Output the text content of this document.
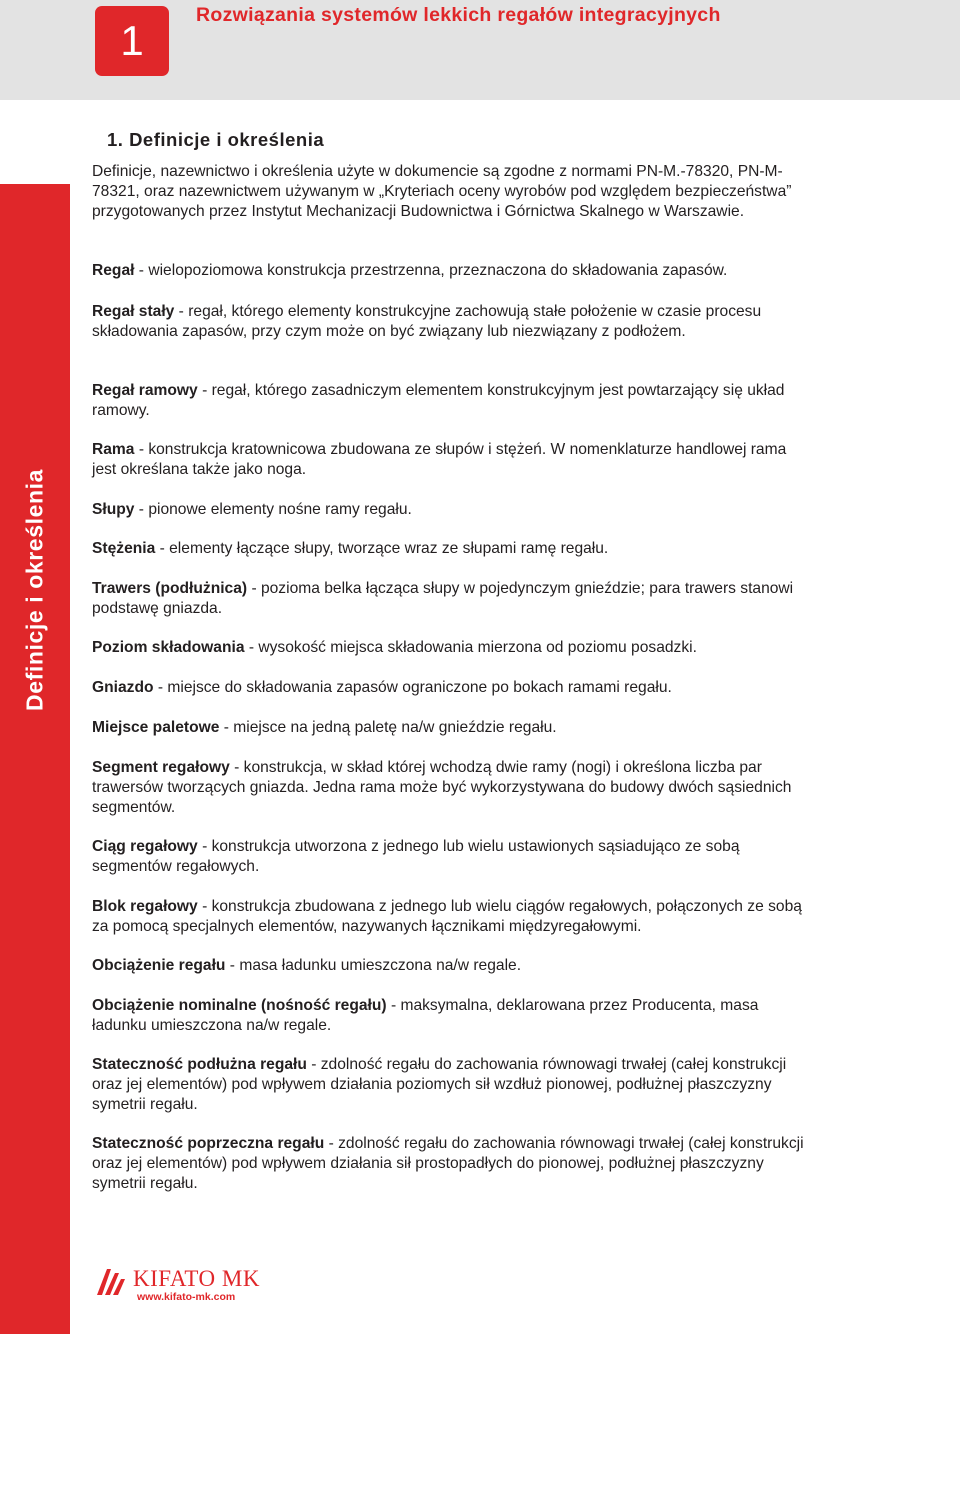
1
Rozwiązania systemów lekkich regałów integracyjnych
Definicje i określenia
4
1. Definicje i określenia

Definicje, nazewnictwo i określenia użyte w dokumencie są zgodne z normami PN-M.-78320, PN-M-78321, oraz nazewnictwem używanym w „Kryteriach oceny wyrobów pod względem bezpieczeństwa” przygotowanych przez Instytut Mechanizacji Budownictwa i Górnictwa Skalnego w Warszawie.

Regał - wielopoziomowa konstrukcja przestrzenna, przeznaczona do składowania zapasów.

Regał stały - regał, którego elementy konstrukcyjne zachowują stałe położenie w czasie procesu składowania zapasów, przy czym może on być związany lub niezwiązany z podłożem.

Regał ramowy - regał, którego zasadniczym elementem konstrukcyjnym jest powtarzający się układ ramowy.

Rama - konstrukcja kratownicowa zbudowana ze słupów i stężeń. W nomenklaturze handlowej rama jest określana także jako noga.

Słupy - pionowe elementy nośne ramy regału.

Stężenia - elementy łączące słupy, tworzące wraz ze słupami ramę regału.

Trawers (podłużnica) - pozioma belka łącząca słupy w pojedynczym gnieździe; para trawers stanowi podstawę gniazda.

Poziom składowania - wysokość miejsca składowania mierzona od poziomu posadzki.

Gniazdo - miejsce do składowania zapasów ograniczone po bokach ramami regału.

Miejsce paletowe - miejsce na jedną paletę na/w gnieździe regału.

Segment regałowy - konstrukcja, w skład której wchodzą dwie ramy (nogi) i określona liczba par trawersów tworzących gniazda. Jedna rama może być wykorzystywana do budowy dwóch sąsiednich segmentów.

Ciąg regałowy - konstrukcja utworzona z jednego lub wielu ustawionych sąsiadująco ze sobą segmentów regałowych.

Blok regałowy - konstrukcja zbudowana z jednego lub wielu ciągów regałowych, połączonych ze sobą za pomocą specjalnych elementów, nazywanych łącznikami międzyregałowymi.

Obciążenie regału - masa ładunku umieszczona na/w regale.

Obciążenie nominalne (nośność regału) - maksymalna, deklarowana przez Producenta, masa ładunku umieszczona na/w regale.

Stateczność podłużna regału - zdolność regału do zachowania równowagi trwałej (całej konstrukcji oraz jej elementów) pod wpływem działania poziomych sił wzdłuż pionowej, podłużnej płaszczyzny symetrii regału.

Stateczność poprzeczna regału - zdolność regału do zachowania równowagi trwałej (całej konstrukcji oraz jej elementów) pod wpływem działania sił prostopadłych do pionowej, podłużnej płaszczyzny symetrii regału.

KIFATO MK
www.kifato-mk.com
